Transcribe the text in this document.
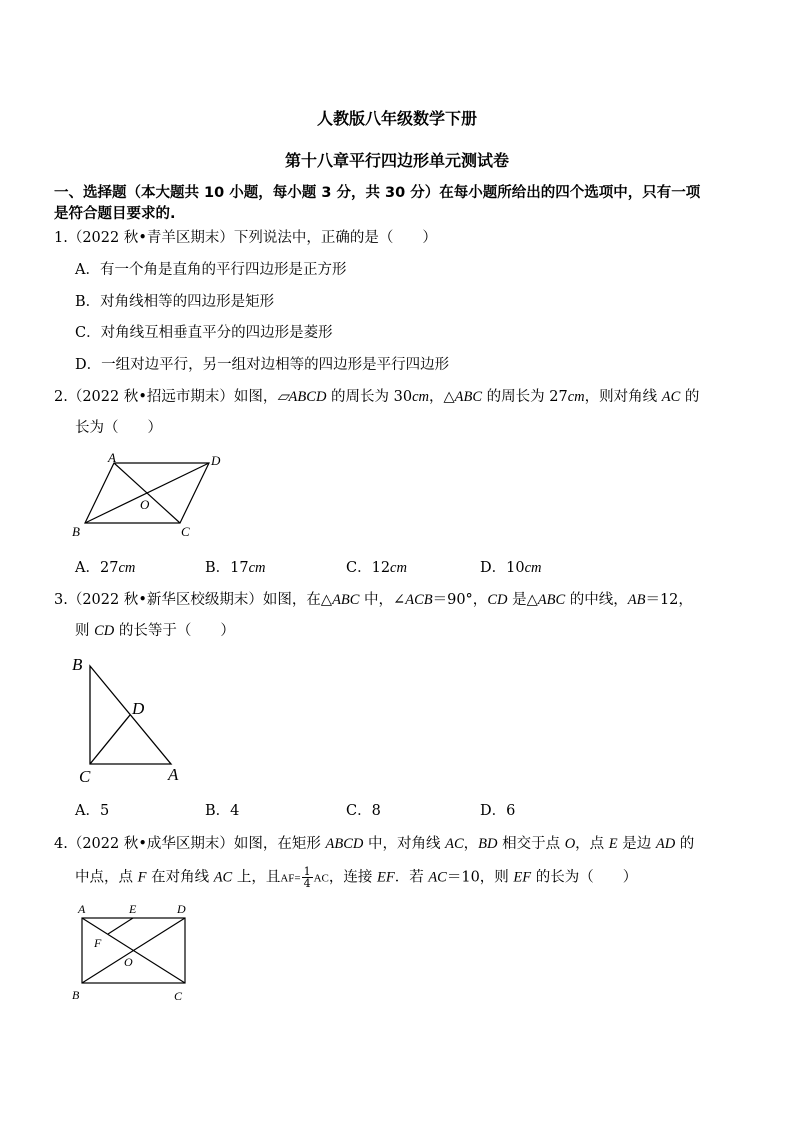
人教版八年级数学下册
第十八章平行四边形单元测试卷
一、选择题（本大题共 10 小题，每小题 3 分，共 30 分）在每小题所给出的四个选项中，只有一项
是符合题目要求的.
1.（2022 秋•青羊区期末）下列说法中，正确的是（　　）
A．有一个角是直角的平行四边形是正方形
B．对角线相等的四边形是矩形
C．对角线互相垂直平分的四边形是菱形
D．一组对边平行，另一组对边相等的四边形是平行四边形
2.（2022 秋•招远市期末）如图，▱ABCD 的周长为 30cm，△ABC 的周长为 27cm，则对角线 AC 的
长为（　　）
A	D
B	C
O
A．27cm	B．17cm	C．12cm	D．10cm
3.（2022 秋•新华区校级期末）如图，在△ABC 中，∠ACB＝90°，CD 是△ABC 的中线，AB＝12，
则 CD 的长等于（　　）
B
D
C	A
A．5	B．4	C．8	D．6
4.（2022 秋•成华区期末）如图，在矩形 ABCD 中，对角线 AC，BD 相交于点 O，点 E 是边 AD 的
中点，点 F 在对角线 AC 上，且$AF= \frac{1}{4}$ AC，连接 EF．若 AC＝10，则 EF 的长为（　　）
A	E	D
F
O
B	C
